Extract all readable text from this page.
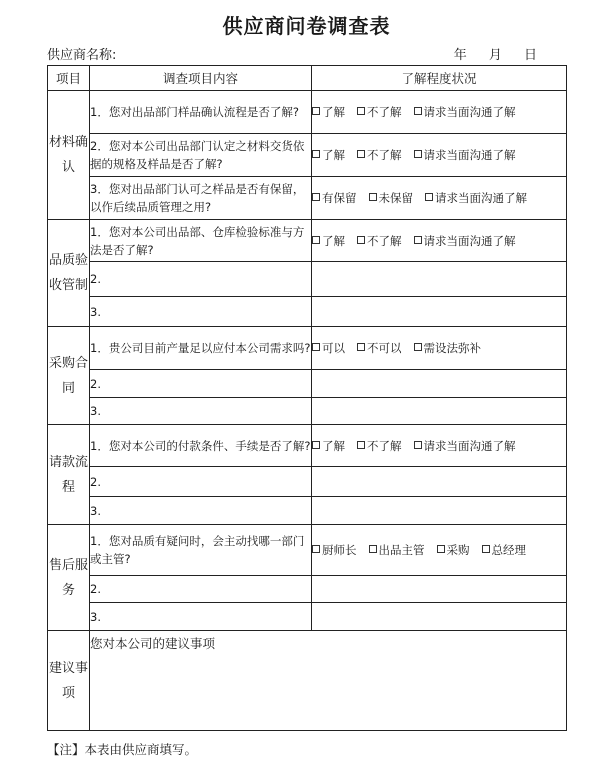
供应商问卷调查表
供应商名称:	年 月 日
项目	调查项目内容	了解程度状况
材料确认	1．您对出品部门样品确认流程是否了解?	了解 不了解 请求当面沟通了解
	2．您对本公司出品部门认定之材料交货依据的规格及样品是否了解?	了解 不了解 请求当面沟通了解
	3．您对出品部门认可之样品是否有保留，以作后续品质管理之用?	有保留 未保留 请求当面沟通了解
品质验收管制	1．您对本公司出品部、仓库检验标准与方法是否了解?	了解 不了解 请求当面沟通了解
	2.	
	3.	
采购合同	1．贵公司目前产量足以应付本公司需求吗?	可以 不可以 需设法弥补
	2.	
	3.	
请款流程	1．您对本公司的付款条件、手续是否了解?	了解 不了解 请求当面沟通了解
	2.	
	3.	
售后服务	1．您对品质有疑问时，会主动找哪一部门或主管?	厨师长 出品主管 采购 总经理
	2.	
	3.	
建议事项	您对本公司的建议事项	
【注】本表由供应商填写。
